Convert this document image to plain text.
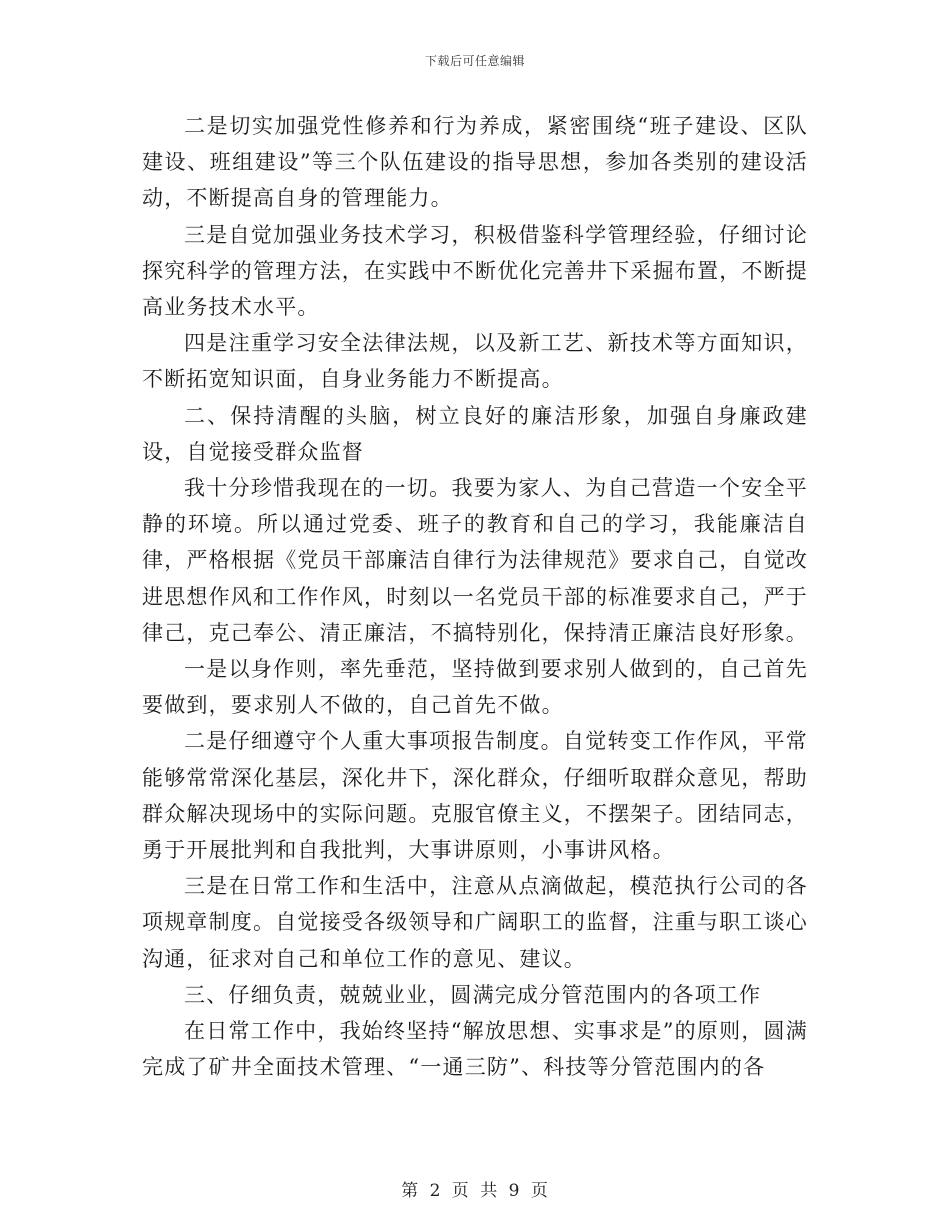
下载后可任意编辑

二是切实加强党性修养和行为养成，紧密围绕“班子建设、区队建设、班组建设”等三个队伍建设的指导思想，参加各类别的建设活动，不断提高自身的管理能力。

三是自觉加强业务技术学习，积极借鉴科学管理经验，仔细讨论探究科学的管理方法，在实践中不断优化完善井下采掘布置，不断提高业务技术水平。

四是注重学习安全法律法规，以及新工艺、新技术等方面知识，不断拓宽知识面，自身业务能力不断提高。

二、保持清醒的头脑，树立良好的廉洁形象，加强自身廉政建设，自觉接受群众监督

我十分珍惜我现在的一切。我要为家人、为自己营造一个安全平静的环境。所以通过党委、班子的教育和自己的学习，我能廉洁自律，严格根据《党员干部廉洁自律行为法律规范》要求自己，自觉改进思想作风和工作作风，时刻以一名党员干部的标准要求自己，严于律己，克己奉公、清正廉洁，不搞特别化，保持清正廉洁良好形象。

一是以身作则，率先垂范，坚持做到要求别人做到的，自己首先要做到，要求别人不做的，自己首先不做。

二是仔细遵守个人重大事项报告制度。自觉转变工作作风，平常能够常常深化基层，深化井下，深化群众，仔细听取群众意见，帮助群众解决现场中的实际问题。克服官僚主义，不摆架子。团结同志，勇于开展批判和自我批判，大事讲原则，小事讲风格。

三是在日常工作和生活中，注意从点滴做起，模范执行公司的各项规章制度。自觉接受各级领导和广阔职工的监督，注重与职工谈心沟通，征求对自己和单位工作的意见、建议。

三、仔细负责，兢兢业业，圆满完成分管范围内的各项工作

在日常工作中，我始终坚持“解放思想、实事求是”的原则，圆满完成了矿井全面技术管理、“一通三防”、科技等分管范围内的各

第 2 页 共 9 页
